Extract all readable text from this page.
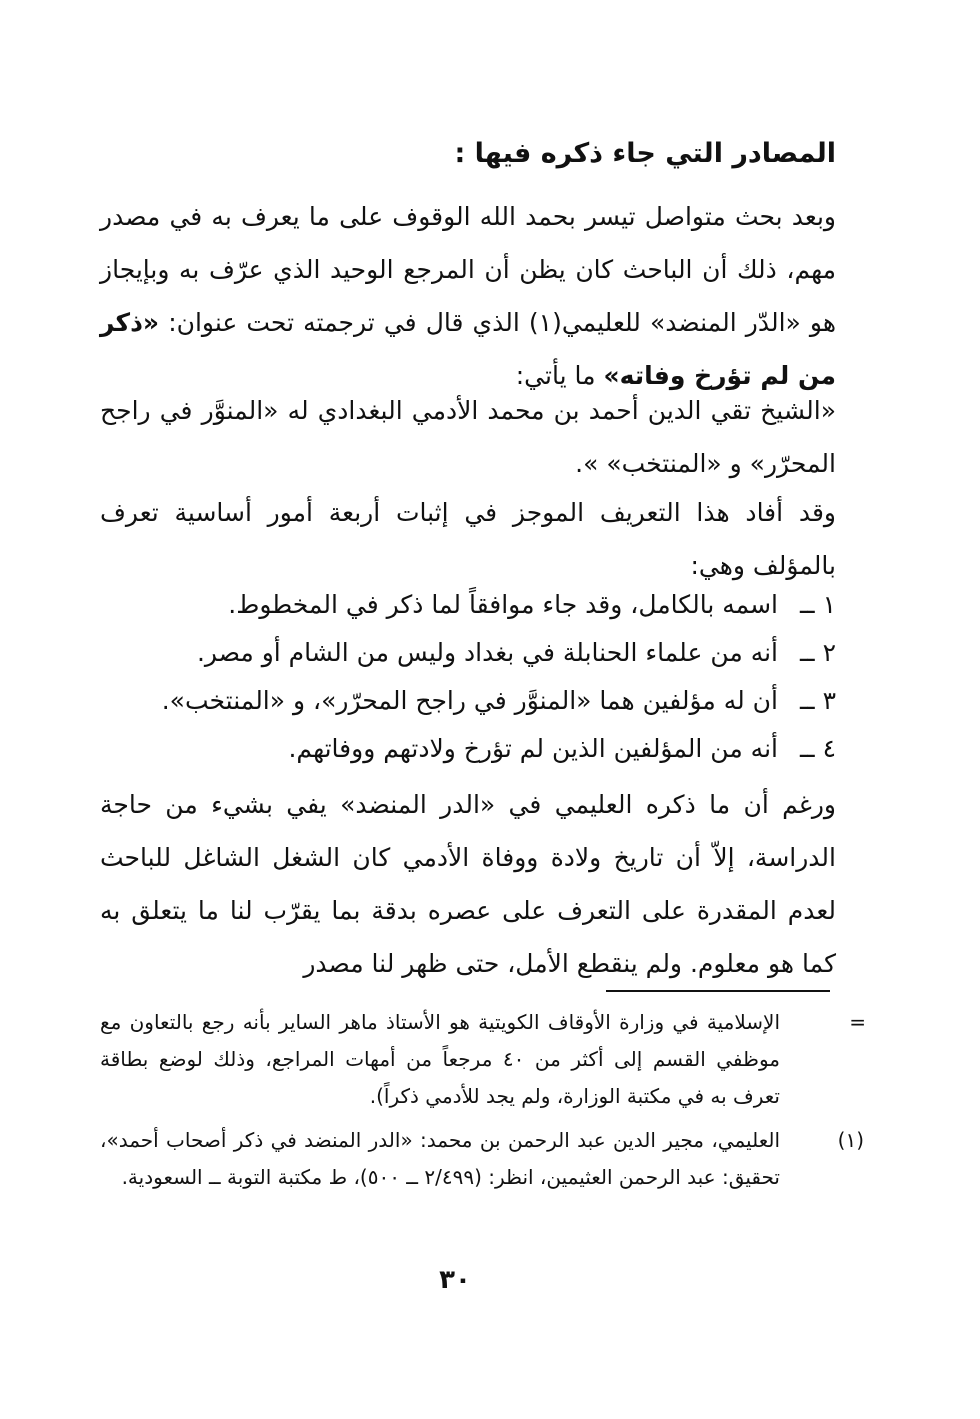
المصادر التي جاء ذكره فيها :
وبعد بحث متواصل تيسر بحمد الله الوقوف على ما يعرف به في مصدر مهم، ذلك أن الباحث كان يظن أن المرجع الوحيد الذي عرّف به وبإيجاز هو «الدّر المنضد» للعليمي(١) الذي قال في ترجمته تحت عنوان: «ذكر من لم تؤرخ وفاته» ما يأتي:
«الشيخ تقي الدين أحمد بن محمد الأدمي البغدادي له «المنوَّر في راجح المحرّر» و «المنتخب» ».
وقد أفاد هذا التعريف الموجز في إثبات أربعة أمور أساسية تعرف بالمؤلف وهي:
١ ــاسمه بالكامل، وقد جاء موافقاً لما ذكر في المخطوط.
٢ ــأنه من علماء الحنابلة في بغداد وليس من الشام أو مصر.
٣ ــأن له مؤلفين هما «المنوَّر في راجح المحرّر»، و «المنتخب».
٤ ــأنه من المؤلفين الذين لم تؤرخ ولادتهم ووفاتهم.
ورغم أن ما ذكره العليمي في «الدر المنضد» يفي بشيء من حاجة الدراسة، إلاّ أن تاريخ ولادة ووفاة الأدمي كان الشغل الشاغل للباحث لعدم المقدرة على التعرف على عصره بدقة بما يقرّب لنا ما يتعلق به كما هو معلوم. ولم ينقطع الأمل، حتى ظهر لنا مصدر
=
الإسلامية في وزارة الأوقاف الكويتية هو الأستاذ ماهر الساير بأنه رجع بالتعاون مع موظفي القسم إلى أكثر من ٤٠ مرجعاً من أمهات المراجع، وذلك لوضع بطاقة تعرف به في مكتبة الوزارة، ولم يجد للأدمي ذكراً).
(١)
العليمي، مجير الدين عبد الرحمن بن محمد: «الدر المنضد في ذكر أصحاب أحمد»، تحقيق: عبد الرحمن العثيمين، انظر: (٢/٤٩٩ ــ ٥٠٠)، ط مكتبة التوبة ــ السعودية.
٣٠
